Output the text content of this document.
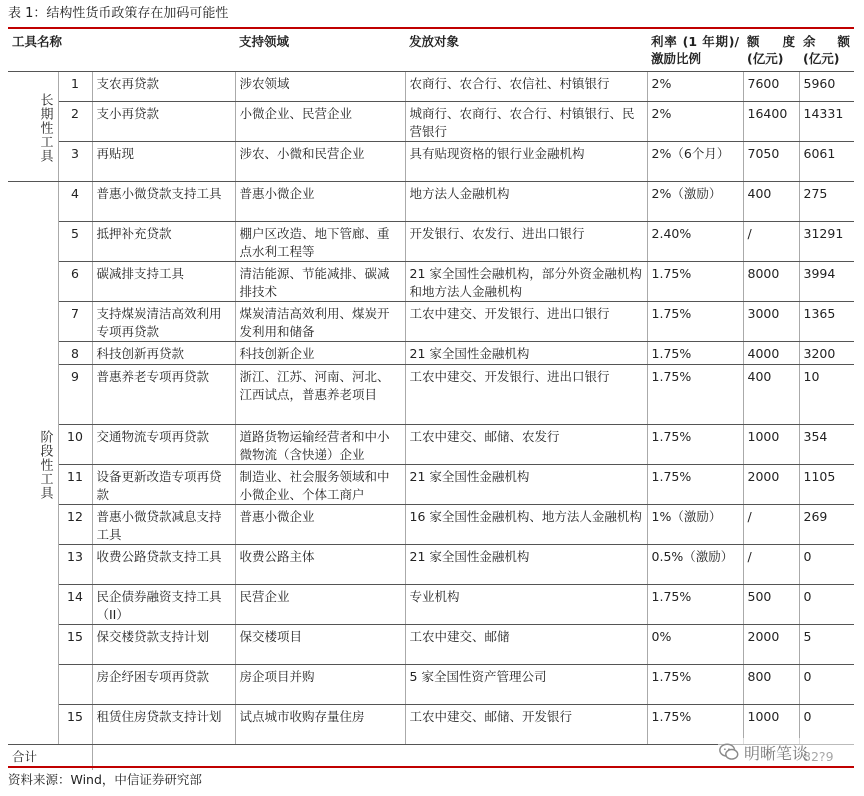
表 1：结构性货币政策存在加码可能性
工具名称			支持领域	发放对象	利率 (1 年期)/激励比例	额 度 (亿元)	余 额 (亿元)
长期性工具	1	支农再贷款	涉农领域	农商行、农合行、农信社、村镇银行	2%	7600	5960
	2	支小再贷款	小微企业、民营企业	城商行、农商行、农合行、村镇银行、民营银行	2%	16400	14331
	3	再贴现	涉农、小微和民营企业	具有贴现资格的银行业金融机构	2%（6个月）	7050	6061
阶段性工具	4	普惠小微贷款支持工具	普惠小微企业	地方法人金融机构	2%（激励）	400	275
	5	抵押补充贷款	棚户区改造、地下管廊、重点水利工程等	开发银行、农发行、进出口银行	2.40%	/	31291
	6	碳减排支持工具	清洁能源、节能减排、碳减排技术	21 家全国性会融机构，部分外资金融机构和地方法人金融机构	1.75%	8000	3994
	7	支持煤炭清洁高效利用专项再贷款	煤炭清洁高效利用、煤炭开发利用和储备	工农中建交、开发银行、进出口银行	1.75%	3000	1365
	8	科技创新再贷款	科技创新企业	21 家全国性金融机构	1.75%	4000	3200
	9	普惠养老专项再贷款	浙江、江苏、河南、河北、江西试点，普惠养老项目	工农中建交、开发银行、进出口银行	1.75%	400	10
	10	交通物流专项再贷款	道路货物运输经营者和中小微物流（含快递）企业	工农中建交、邮储、农发行	1.75%	1000	354
	11	设备更新改造专项再贷款	制造业、社会服务领域和中小微企业、个体工商户	21 家全国性金融机构	1.75%	2000	1105
	12	普惠小微贷款减息支持工具	普惠小微企业	16 家全国性金融机构、地方法人金融机构	1%（激励）	/	269
	13	收费公路贷款支持工具	收费公路主体	21 家全国性金融机构	0.5%（激励）	/	0
	14	民企债券融资支持工具（II）	民营企业	专业机构	1.75%	500	0
	15	保交楼贷款支持计划	保交楼项目	工农中建交、邮储	0%	2000	5
		房企纾困专项再贷款	房企项目并购	5 家全国性资产管理公司	1.75%	800	0
	15	租赁住房贷款支持计划	试点城市收购存量住房	工农中建交、邮储、开发银行	1.75%	1000	0
合计						
资料来源：Wind，中信证券研究部
明晰笔谈
